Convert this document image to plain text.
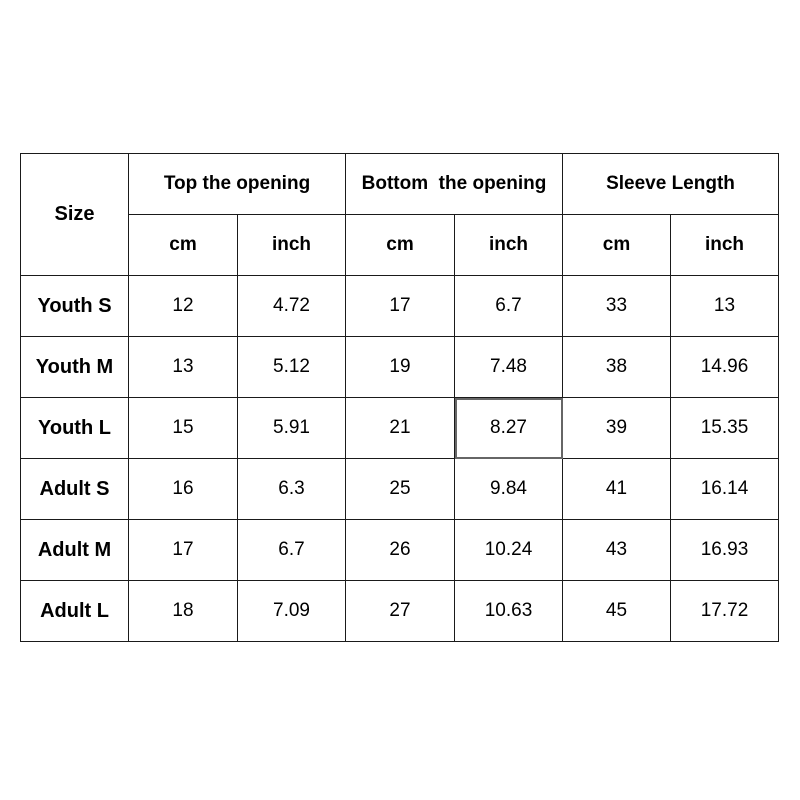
Size	Top the opening		Bottom  the opening		Sleeve Length	
	cm	inch	cm	inch	cm	inch
Youth S	12	4.72	17	6.7	33	13
Youth M	13	5.12	19	7.48	38	14.96
Youth L	15	5.91	21	8.27	39	15.35
Adult S	16	6.3	25	9.84	41	16.14
Adult M	17	6.7	26	10.24	43	16.93
Adult L	18	7.09	27	10.63	45	17.72
